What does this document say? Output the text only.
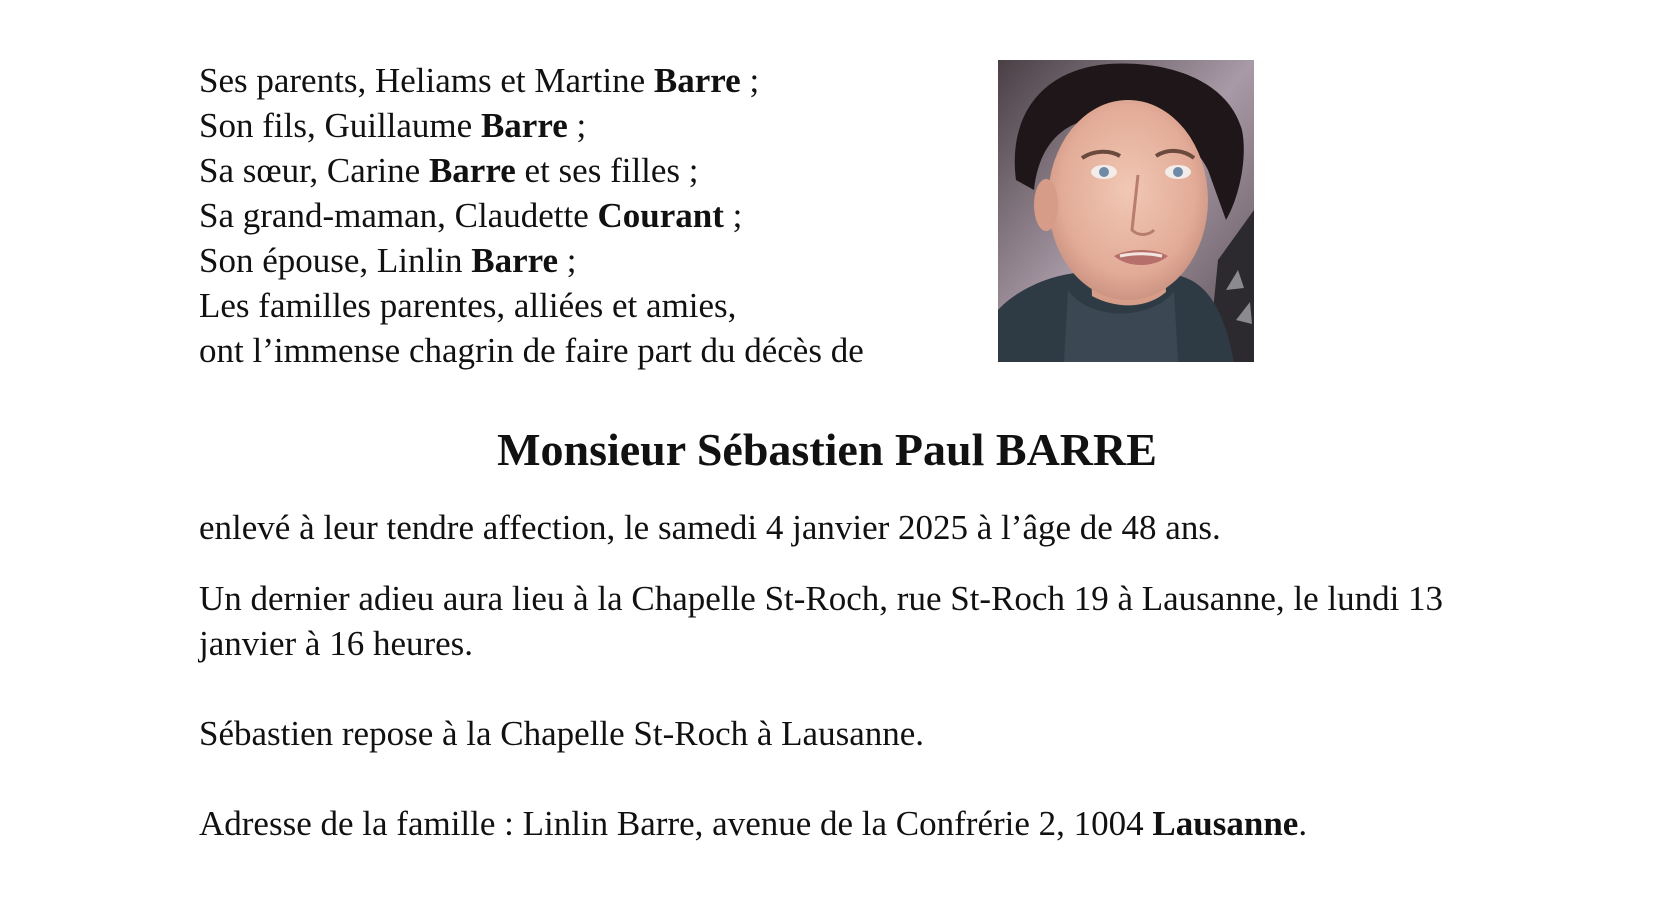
Ses parents, Heliams et Martine Barre ;
Son fils, Guillaume Barre ;
Sa sœur, Carine Barre et ses filles ;
Sa grand-maman, Claudette Courant ;
Son épouse, Linlin Barre ;
Les familles parentes, alliées et amies,
ont l’immense chagrin de faire part du décès de
Monsieur Sébastien Paul BARRE
enlevé à leur tendre affection, le samedi 4 janvier 2025 à l’âge de 48 ans.
Un dernier adieu aura lieu à la Chapelle St-Roch, rue St-Roch 19 à Lausanne, le lundi 13 janvier à 16 heures.
Sébastien repose à la Chapelle St-Roch à Lausanne.
Adresse de la famille : Linlin Barre, avenue de la Confrérie 2, 1004 Lausanne.
